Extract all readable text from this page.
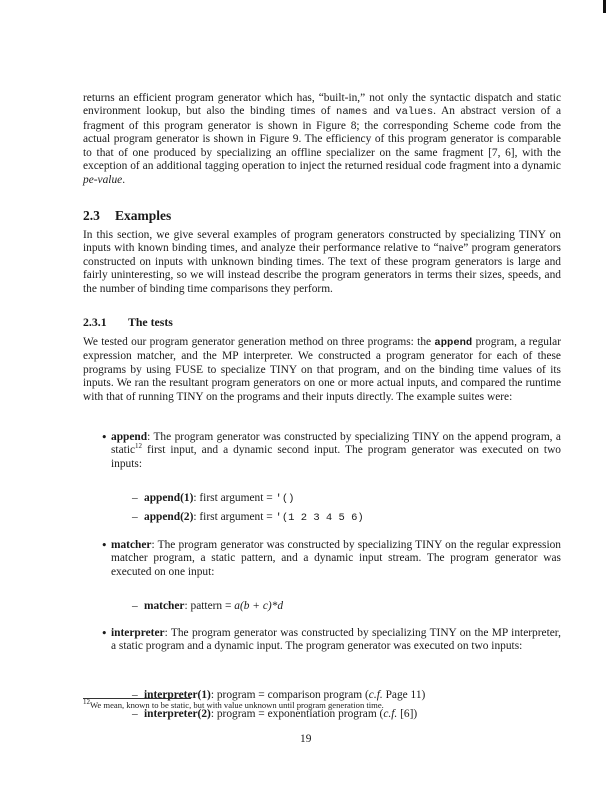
returns an efficient program generator which has, “built-in,” not only the syntactic dispatch and static environment lookup, but also the binding times of names and values. An abstract version of a fragment of this program generator is shown in Figure 8; the corresponding Scheme code from the actual program generator is shown in Figure 9. The efficiency of this program generator is comparable to that of one produced by specializing an offline specializer on the same fragment [7, 6], with the exception of an additional tagging operation to inject the returned residual code fragment into a dynamic pe-value.

2.3 Examples

In this section, we give several examples of program generators constructed by specializing TINY on inputs with known binding times, and analyze their performance relative to “naive” program generators constructed on inputs with unknown binding times. The text of these program generators is large and fairly uninteresting, so we will instead describe the program generators in terms their sizes, speeds, and the number of binding time comparisons they perform.

2.3.1 The tests

We tested our program generator generation method on three programs: the append program, a regular expression matcher, and the MP interpreter. We constructed a program generator for each of these programs by using FUSE to specialize TINY on that program, and on the binding time values of its inputs. We ran the resultant program generators on one or more actual inputs, and compared the runtime with that of running TINY on the programs and their inputs directly. The example suites were:

• append: The program generator was constructed by specializing TINY on the append program, a static$^{12}$ first input, and a dynamic second input. The program generator was executed on two inputs:

– append(1): first argument = '()
– append(2): first argument = '(1 2 3 4 5 6)
• matcher: The program generator was constructed by specializing TINY on the regular expression matcher program, a static pattern, and a dynamic input stream. The program generator was executed on one input:

– matcher: pattern = a(b + c)*d
• interpreter: The program generator was constructed by specializing TINY on the MP interpreter, a static program and a dynamic input. The program generator was executed on two inputs:

– interpreter(1): program = comparison program (c.f. Page 11)
– interpreter(2): program = exponentiation program (c.f. [6])
$^{12}$We mean, known to be static, but with value unknown until program generation time.
19
